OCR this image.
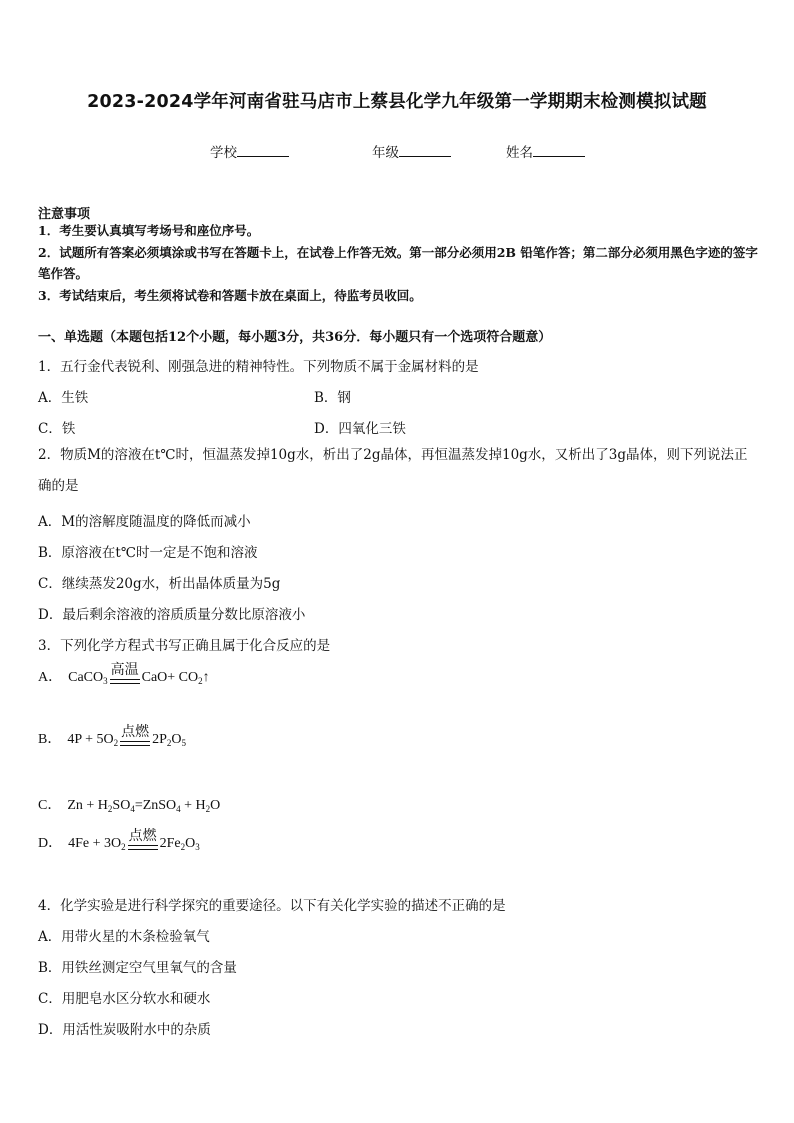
2023-2024学年河南省驻马店市上蔡县化学九年级第一学期期末检测模拟试题
学校	年级	姓名
注意事项
1．考生要认真填写考场号和座位序号。
2．试题所有答案必须填涂或书写在答题卡上，在试卷上作答无效。第一部分必须用2B 铅笔作答；第二部分必须用黑色字迹的签字笔作答。
3．考试结束后，考生须将试卷和答题卡放在桌面上，待监考员收回。
一、单选题（本题包括12个小题，每小题3分，共36分．每小题只有一个选项符合题意）
1．五行金代表锐利、刚强急进的精神特性。下列物质不属于金属材料的是
A．生铁	B．钢
C．铁	D．四氧化三铁
2．物质M的溶液在t℃时，恒温蒸发掉10g水，析出了2g晶体，再恒温蒸发掉10g水，又析出了3g晶体，则下列说法正确的是
A．M的溶解度随温度的降低而减小
B．原溶液在t℃时一定是不饱和溶液
C．继续蒸发20g水，析出晶体质量为5g
D．最后剩余溶液的溶质质量分数比原溶液小
3．下列化学方程式书写正确且属于化合反应的是
A． CaCO$_3$
高温 $CaO+ CO_2↑$
B． $4P + 5O_2$
点燃 $2P_2O_5$
C． $Zn + H_2SO_4=ZnSO_4 + H_2O$
D． $4Fe + 3O_2$
点燃 $2Fe_2O_3$
4．化学实验是进行科学探究的重要途径。以下有关化学实验的描述不正确的是
A．用带火星的木条检验氧气
B．用铁丝测定空气里氧气的含量
C．用肥皂水区分软水和硬水
D．用活性炭吸附水中的杂质
